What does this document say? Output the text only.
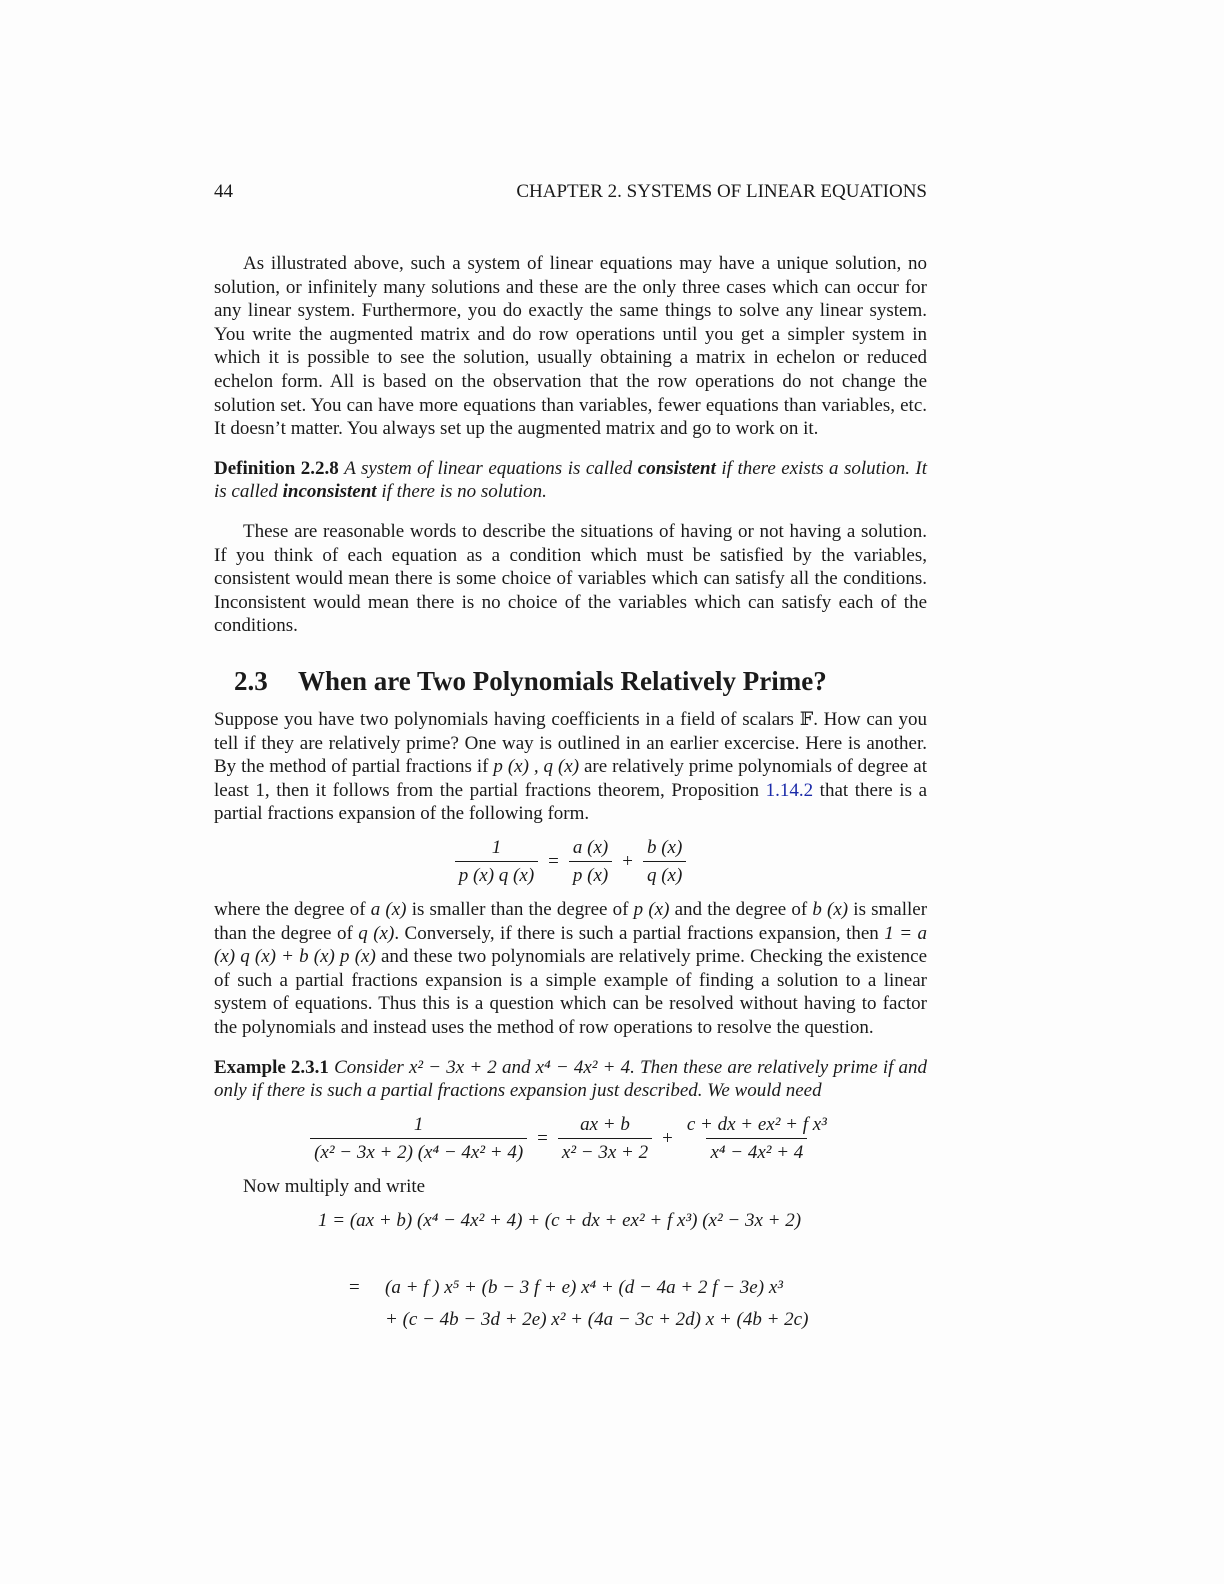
44	CHAPTER 2. SYSTEMS OF LINEAR EQUATIONS

As illustrated above, such a system of linear equations may have a unique solution, no solution, or infinitely many solutions and these are the only three cases which can occur for any linear system. Furthermore, you do exactly the same things to solve any linear system. You write the augmented matrix and do row operations until you get a simpler system in which it is possible to see the solution, usually obtaining a matrix in echelon or reduced echelon form. All is based on the observation that the row operations do not change the solution set. You can have more equations than variables, fewer equations than variables, etc. It doesn’t matter. You always set up the augmented matrix and go to work on it.

Definition 2.2.8 A system of linear equations is called consistent if there exists a solution. It is called inconsistent if there is no solution.

These are reasonable words to describe the situations of having or not having a solution. If you think of each equation as a condition which must be satisfied by the variables, consistent would mean there is some choice of variables which can satisfy all the conditions. Inconsistent would mean there is no choice of the variables which can satisfy each of the conditions.

2.3 When are Two Polynomials Relatively Prime?

Suppose you have two polynomials having coefficients in a field of scalars 𝔽. How can you tell if they are relatively prime? One way is outlined in an earlier excercise. Here is another. By the method of partial fractions if p (x) , q (x) are relatively prime polynomials of degree at least 1, then it follows from the partial fractions theorem, Proposition 1.14.2 that there is a partial fractions expansion of the following form.

$\frac{1}{p (x) q (x)} = \frac{a (x)}{p (x)} + \frac{b (x)}{q (x)}$

where the degree of a (x) is smaller than the degree of p (x) and the degree of b (x) is smaller than the degree of q (x). Conversely, if there is such a partial fractions expansion, then 1 = a (x) q (x) + b (x) p (x) and these two polynomials are relatively prime. Checking the existence of such a partial fractions expansion is a simple example of finding a solution to a linear system of equations. Thus this is a question which can be resolved without having to factor the polynomials and instead uses the method of row operations to resolve the question.

Example 2.3.1 Consider x² − 3x + 2 and x⁴ − 4x² + 4. Then these are relatively prime if and only if there is such a partial fractions expansion just described. We would need

$\frac{1}{\text{(x² − 3x + 2) (x⁴ − 4x² + 4)}} = \frac{ax + b}{\text{x² − 3x + 2}} + \frac{\text{c + dx + ex² + f x³}}{\text{x⁴ − 4x² + 4}}$

Now multiply and write

1 = (ax + b) (x⁴ − 4x² + 4) + (c + dx + ex² + f x³) (x² − 3x + 2)
=	(a + f ) x⁵ + (b − 3 f + e) x⁴ + (d − 4a + 2 f − 3e) x³
+ (c − 4b − 3d + 2e) x² + (4a − 3c + 2d) x + (4b + 2c)
